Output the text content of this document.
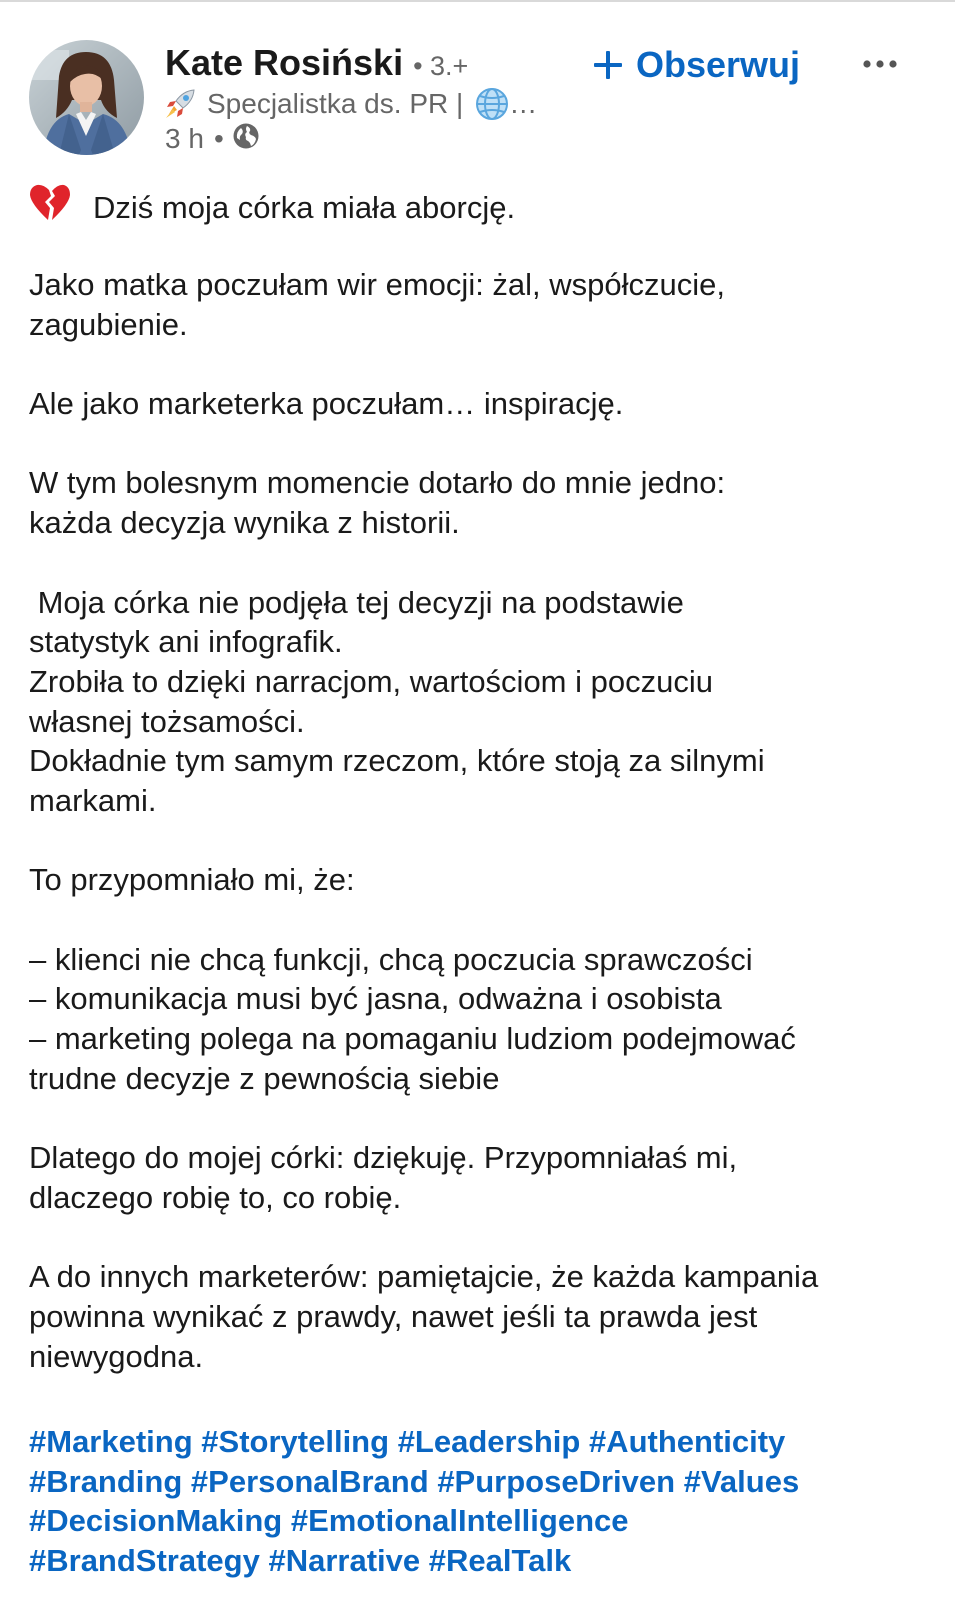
Kate Rosiński • 3.+
Specjalistka ds. PR | …
3 h •
Obserwuj
Dziś moja córka miała aborcję.
Jako matka poczułam wir emocji: żal, współczucie,
zagubienie.
Ale jako marketerka poczułam… inspirację.
W tym bolesnym momencie dotarło do mnie jedno:
każda decyzja wynika z historii.
Moja córka nie podjęła tej decyzji na podstawie
statystyk ani infografik.
Zrobiła to dzięki narracjom, wartościom i poczuciu
własnej tożsamości.
Dokładnie tym samym rzeczom, które stoją za silnymi
markami.
To przypomniało mi, że:
– klienci nie chcą funkcji, chcą poczucia sprawczości
– komunikacja musi być jasna, odważna i osobista
– marketing polega na pomaganiu ludziom podejmować
trudne decyzje z pewnością siebie
Dlatego do mojej córki: dziękuję. Przypomniałaś mi,
dlaczego robię to, co robię.
A do innych marketerów: pamiętajcie, że każda kampania
powinna wynikać z prawdy, nawet jeśli ta prawda jest
niewygodna.
#Marketing #Storytelling #Leadership #Authenticity
#Branding #PersonalBrand #PurposeDriven #Values
#DecisionMaking #EmotionalIntelligence
#BrandStrategy #Narrative #RealTalk
